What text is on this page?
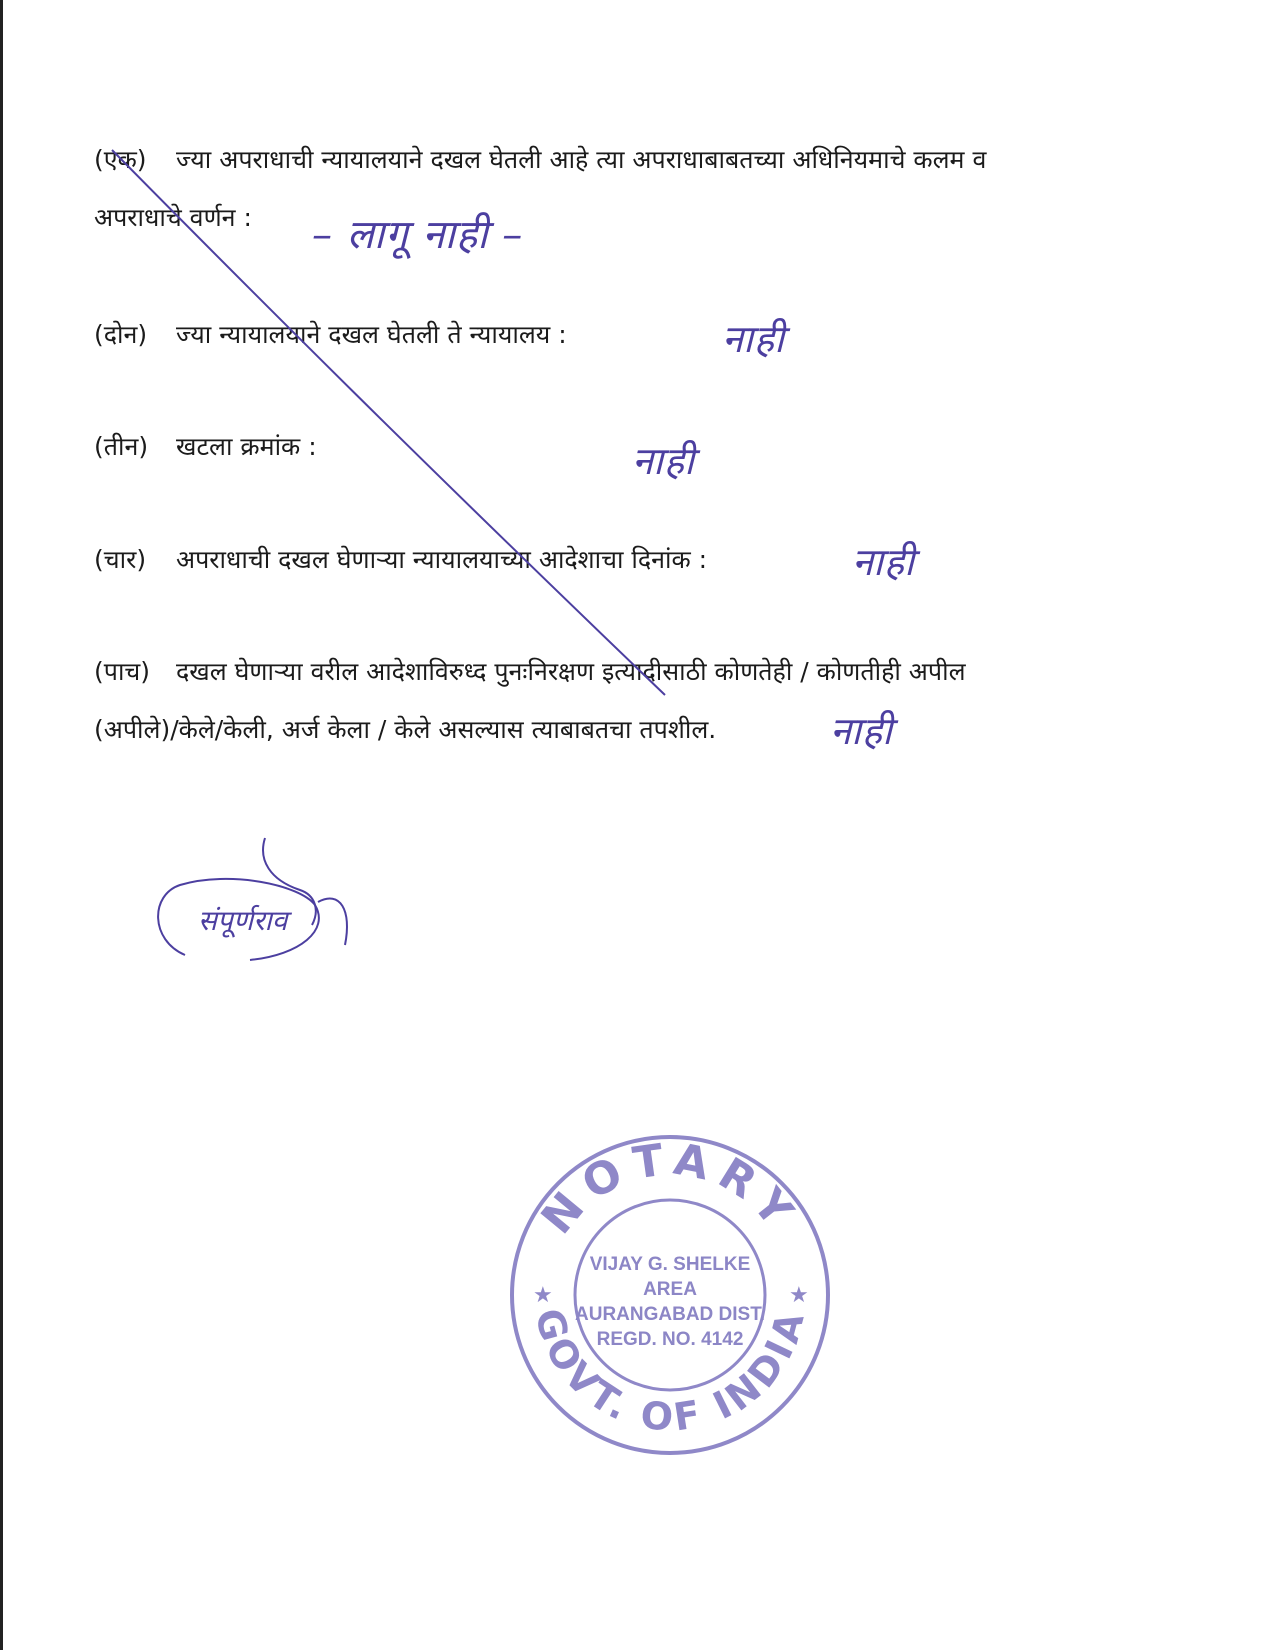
(एक) ज्या अपराधाची न्यायालयाने दखल घेतली आहे त्या अपराधाबाबतच्या अधिनियमाचे कलम व
अपराधाचे वर्णन :	– लागू नाही –
(दोन) ज्या न्यायालयाने दखल घेतली ते न्यायालय :	नाही
(तीन) खटला क्रमांक :	नाही
(चार) अपराधाची दखल घेणाऱ्या न्यायालयाच्या आदेशाचा दिनांक :	नाही
(पाच) दखल घेणाऱ्या वरील आदेशाविरुध्द पुनःनिरक्षण इत्यादीसाठी कोणतेही / कोणतीही अपील
(अपीले)/केले/केली, अर्ज केला / केले असल्यास त्याबाबतचा तपशील.	नाही
संपूर्णराव
NOTARY
GOVT. OF INDIA
★	★
VIJAY G. SHELKE
AREA
AURANGABAD DIST.
REGD. NO. 4142
